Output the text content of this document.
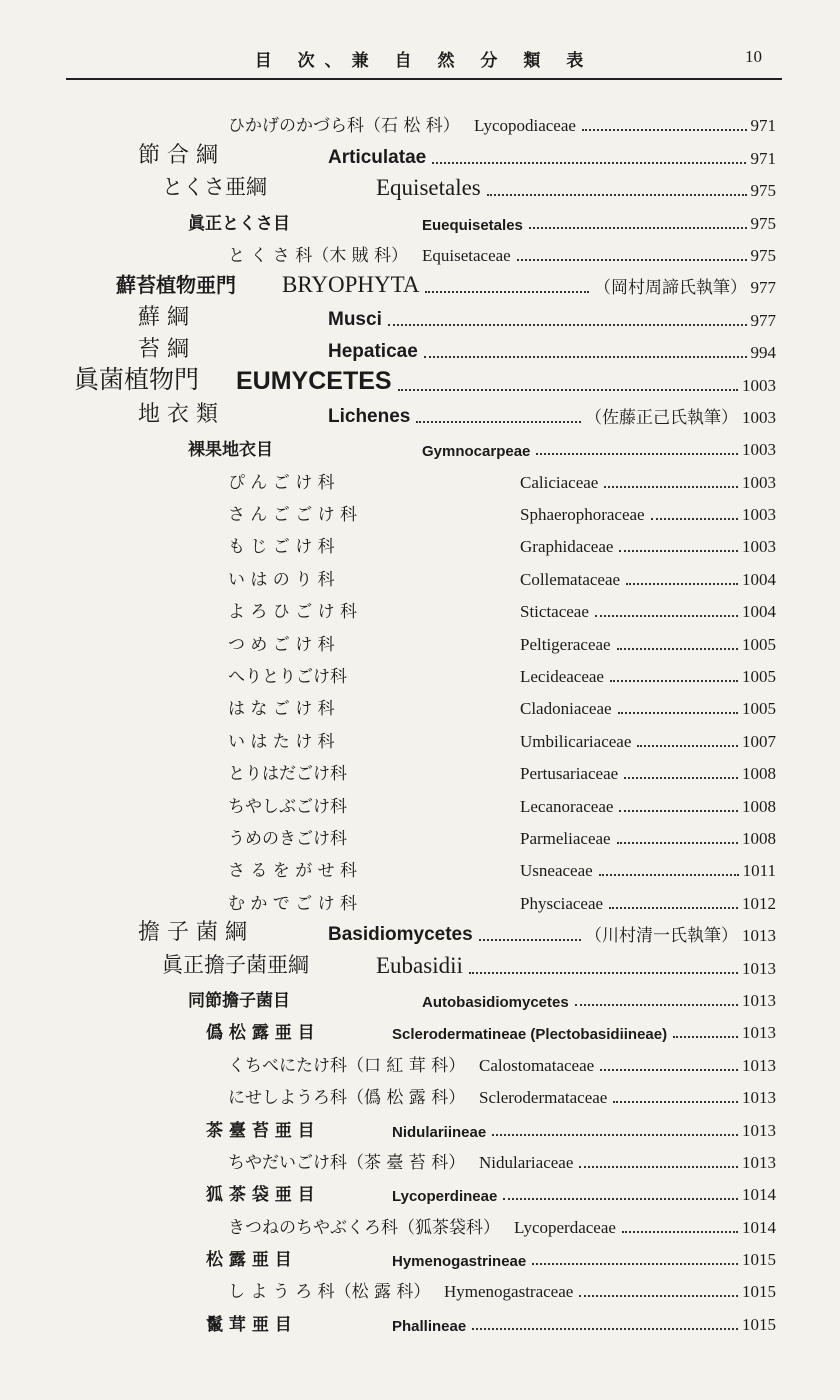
目 次、兼 自 然 分 類 表	10
ひかげのかづら科（石 松 科） Lycopodiaceae	971
節 合 綱	Articulatae	971
とくさ亜綱	Equisetales	975
眞正とくさ目	Euequisetales	975
と く さ 科（木 賊 科） Equisetaceae	975
蘚苔植物亜門 BRYOPHYTA	（岡村周諦氏執筆） 977
蘚 綱	Musci	977
苔 綱	Hepaticae	994
眞菌植物門 EUMYCETES	1003
地 衣 類	Lichenes	（佐藤正己氏執筆） 1003
裸果地衣目	Gymnocarpeae	1003
ぴ ん ご け 科	Caliciaceae	1003
さ ん ご ご け 科	Sphaerophoraceae	1003
も じ ご け 科	Graphidaceae	1003
い は の り 科	Collemataceae	1004
よ ろ ひ ご け 科	Stictaceae	1004
つ め ご け 科	Peltigeraceae	1005
へりとりごけ科	Lecideaceae	1005
は な ご け 科	Cladoniaceae	1005
い は た け 科	Umbilicariaceae	1007
とりはだごけ科	Pertusariaceae	1008
ちやしぶごけ科	Lecanoraceae	1008
うめのきごけ科	Parmeliaceae	1008
さ る を が せ 科	Usneaceae	1011
む か で ご け 科	Physciaceae	1012
擔 子 菌 綱	Basidiomycetes	（川村清一氏執筆） 1013
眞正擔子菌亜綱	Eubasidii	1013
同節擔子菌目	Autobasidiomycetes	1013
僞 松 露 亜 目	Sclerodermatineae (Plectobasidiineae)	1013
くちべにたけ科（口 紅 茸 科） Calostomataceae	1013
にせしようろ科（僞 松 露 科） Sclerodermataceae	1013
茶 臺 苔 亜 目	Nidulariineae	1013
ちやだいごけ科（茶 臺 苔 科） Nidulariaceae	1013
狐 茶 袋 亜 目	Lycoperdineae	1014
きつねのちやぶくろ科（狐茶袋科） Lycoperdaceae	1014
松 露 亜 目	Hymenogastrineae	1015
し よ う ろ 科（松 露 科） Hymenogastraceae	1015
鬣 茸 亜 目	Phallineae	1015
